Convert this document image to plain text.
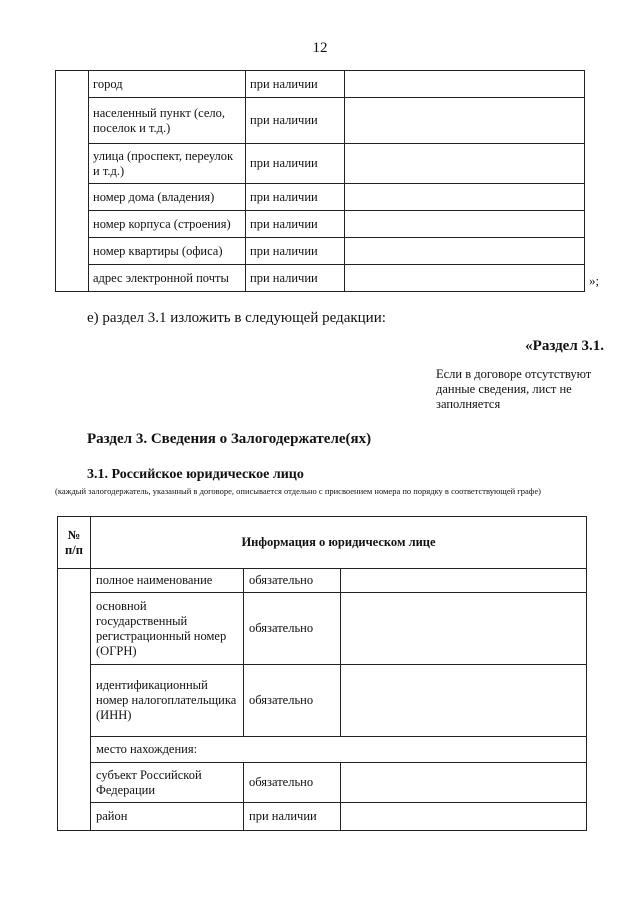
12
	город	при наличии	
	населенный пункт (село, поселок и т.д.)	при наличии	
	улица (проспект, переулок и т.д.)	при наличии	
	номер дома (владения)	при наличии	
	номер корпуса (строения)	при наличии	
	номер квартиры (офиса)	при наличии	
	адрес электронной почты	при наличии		»;
е) раздел 3.1 изложить в следующей редакции:
«Раздел 3.1.
Если в договоре отсутствуют данные сведения, лист не заполняется
Раздел 3. Сведения о Залогодержателе(ях)
3.1. Российское юридическое лицо
(каждый залогодержатель, указанный в договоре, описывается отдельно с присвоением номера по порядку в соответствующей графе)
№ п/п	Информация о юридическом лице		
	полное наименование	обязательно	
	основной государственный регистрационный номер (ОГРН)	обязательно	
	идентификационный номер налогоплательщика (ИНН)	обязательно	
	место нахождения:		
	субъект Российской Федерации	обязательно	
	район	при наличии	
